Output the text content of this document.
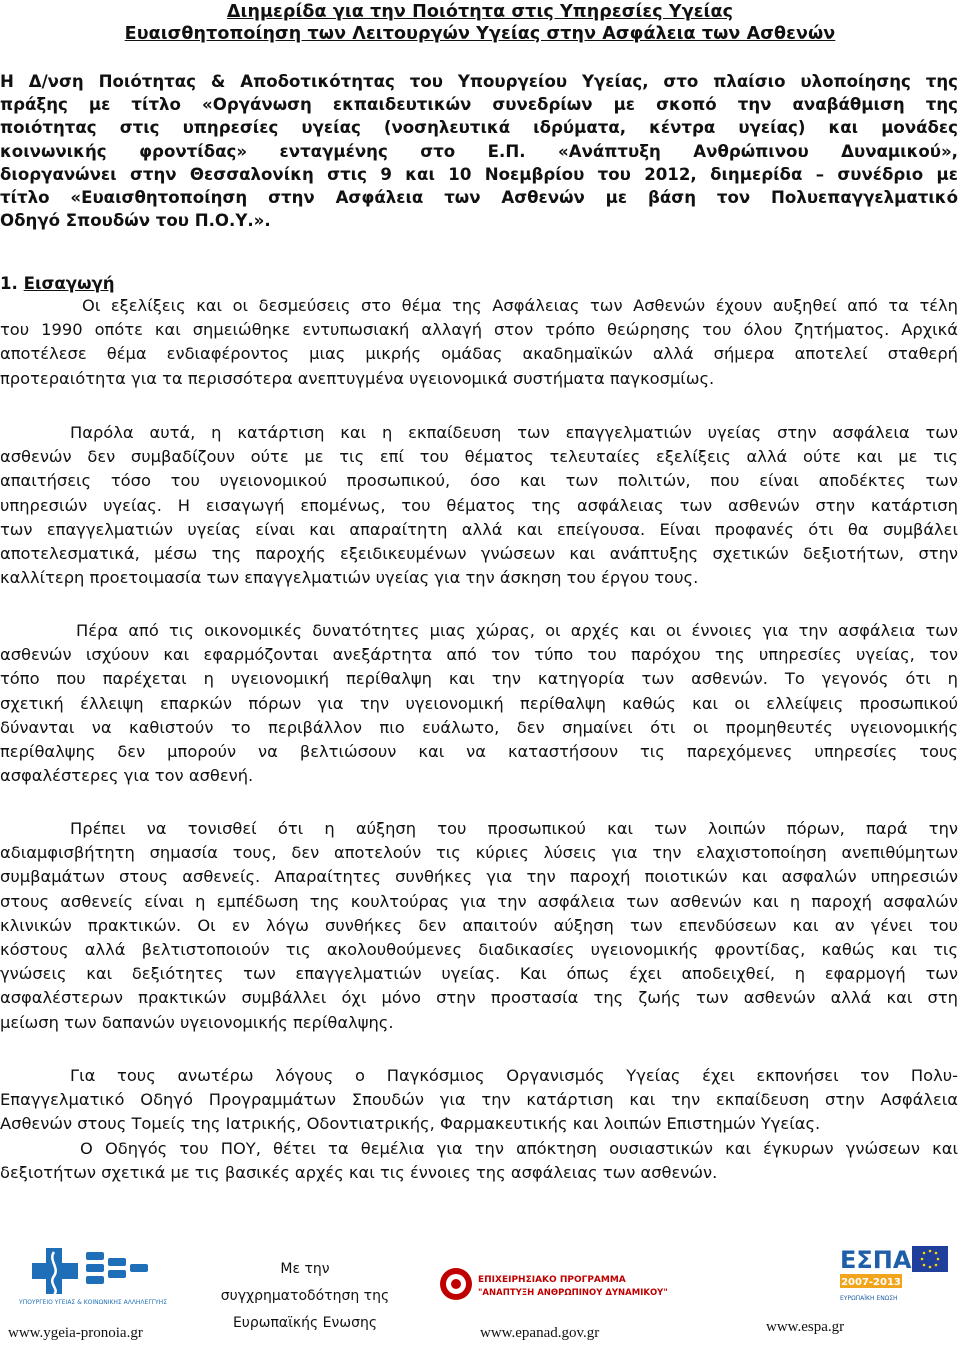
Διημερίδα για την Ποιότητα στις Υπηρεσίες Υγείας
Ευαισθητοποίηση των Λειτουργών Υγείας στην Ασφάλεια των Ασθενών
Η Δ/νση Ποιότητας & Αποδοτικότητας του Υπουργείου Υγείας, στο πλαίσιο υλοποίησης της
πράξης με τίτλο «Οργάνωση εκπαιδευτικών συνεδρίων με σκοπό την αναβάθμιση της
ποιότητας στις υπηρεσίες υγείας (νοσηλευτικά ιδρύματα, κέντρα υγείας) και μονάδες
κοινωνικής φροντίδας» ενταγμένης στο Ε.Π. «Ανάπτυξη Ανθρώπινου Δυναμικού»,
διοργανώνει στην Θεσσαλονίκη στις 9 και 10 Νοεμβρίου του 2012, διημερίδα – συνέδριο με
τίτλο «Ευαισθητοποίηση στην Ασφάλεια των Ασθενών με βάση τον Πολυεπαγγελματικό
Οδηγό Σπουδών του Π.Ο.Υ.».
1. Εισαγωγή
Οι εξελίξεις και οι δεσμεύσεις στο θέμα της Ασφάλειας των Ασθενών έχουν αυξηθεί από τα τέλη
του 1990 οπότε και σημειώθηκε εντυπωσιακή αλλαγή στον τρόπο θεώρησης του όλου ζητήματος. Αρχικά
αποτέλεσε θέμα ενδιαφέροντος μιας μικρής ομάδας ακαδημαϊκών αλλά σήμερα αποτελεί σταθερή
προτεραιότητα για τα περισσότερα ανεπτυγμένα υγειονομικά συστήματα παγκοσμίως.
Παρόλα αυτά, η κατάρτιση και η εκπαίδευση των επαγγελματιών υγείας στην ασφάλεια των
ασθενών δεν συμβαδίζουν ούτε με τις επί του θέματος τελευταίες εξελίξεις αλλά ούτε και με τις
απαιτήσεις τόσο του υγειονομικού προσωπικού, όσο και των πολιτών, που είναι αποδέκτες των
υπηρεσιών υγείας. Η εισαγωγή επομένως, του θέματος της ασφάλειας των ασθενών στην κατάρτιση
των επαγγελματιών υγείας είναι και απαραίτητη αλλά και επείγουσα. Είναι προφανές ότι θα συμβάλει
αποτελεσματικά, μέσω της παροχής εξειδικευμένων γνώσεων και ανάπτυξης σχετικών δεξιοτήτων, στην
καλλίτερη προετοιμασία των επαγγελματιών υγείας για την άσκηση του έργου τους.
Πέρα από τις οικονομικές δυνατότητες μιας χώρας, οι αρχές και οι έννοιες για την ασφάλεια των
ασθενών ισχύουν και εφαρμόζονται ανεξάρτητα από τον τύπο του παρόχου της υπηρεσίες υγείας, τον
τόπο που παρέχεται η υγειονομική περίθαλψη και την κατηγορία των ασθενών. Το γεγονός ότι η
σχετική έλλειψη επαρκών πόρων για την υγειονομική περίθαλψη καθώς και οι ελλείψεις προσωπικού
δύνανται να καθιστούν το περιβάλλον πιο ευάλωτο, δεν σημαίνει ότι οι προμηθευτές υγειονομικής
περίθαλψης δεν μπορούν να βελτιώσουν και να καταστήσουν τις παρεχόμενες υπηρεσίες τους
ασφαλέστερες για τον ασθενή.
Πρέπει να τονισθεί ότι η αύξηση του προσωπικού και των λοιπών πόρων, παρά την
αδιαμφισβήτητη σημασία τους, δεν αποτελούν τις κύριες λύσεις για την ελαχιστοποίηση ανεπιθύμητων
συμβαμάτων στους ασθενείς. Απαραίτητες συνθήκες για την παροχή ποιοτικών και ασφαλών υπηρεσιών
στους ασθενείς είναι η εμπέδωση της κουλτούρας για την ασφάλεια των ασθενών και η παροχή ασφαλών
κλινικών πρακτικών. Οι εν λόγω συνθήκες δεν απαιτούν αύξηση των επενδύσεων και αν γένει του
κόστους αλλά βελτιστοποιούν τις ακολουθούμενες διαδικασίες υγειονομικής φροντίδας, καθώς και τις
γνώσεις και δεξιότητες των επαγγελματιών υγείας. Και όπως έχει αποδειχθεί, η εφαρμογή των
ασφαλέστερων πρακτικών συμβάλλει όχι μόνο στην προστασία της ζωής των ασθενών αλλά και στη
μείωση των δαπανών υγειονομικής περίθαλψης.
Για τους ανωτέρω λόγους ο Παγκόσμιος Οργανισμός Υγείας έχει εκπονήσει τον Πολυ-
Επαγγελματικό Οδηγό Προγραμμάτων Σπουδών για την κατάρτιση και την εκπαίδευση στην Ασφάλεια
Ασθενών στους Τομείς της Ιατρικής, Οδοντιατρικής, Φαρμακευτικής και λοιπών Επιστημών Υγείας.
Ο Οδηγός του ΠΟΥ, θέτει τα θεμέλια για την απόκτηση ουσιαστικών και έγκυρων γνώσεων και
δεξιοτήτων σχετικά με τις βασικές αρχές και τις έννοιες της ασφάλειας των ασθενών.
ΥΠΟΥΡΓΕΙΟ ΥΓΕΙΑΣ & ΚΟΙΝΩΝΙΚΗΣ ΑΛΛΗΛΕΓΓΥΗΣ
www.ygeia-pronoia.gr
Με την
συγχρηματοδότηση της
Ευρωπαϊκής Ενωσης
ΕΠΙΧΕΙΡΗΣΙΑΚΟ ΠΡΟΓΡΑΜΜΑ
"ΑΝΑΠΤΥΞΗ ΑΝΘΡΩΠΙΝΟΥ ΔΥΝΑΜΙΚΟΥ"
www.epanad.gov.gr
ΕΣΠΑ
2007-2013
ΕΥΡΩΠΑΪΚΗ ΕΝΩΣΗ
www.espa.gr
